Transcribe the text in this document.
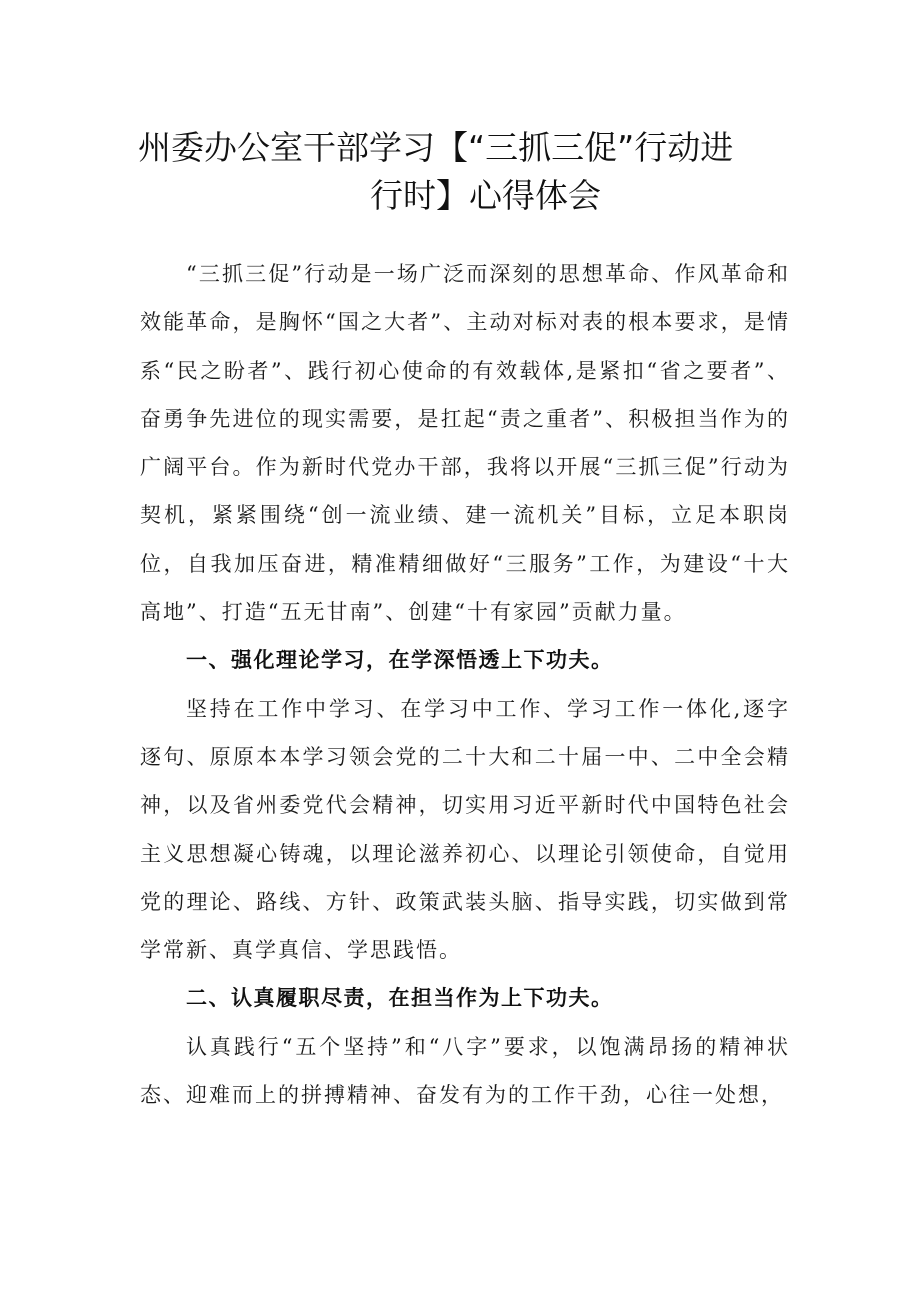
州委办公室干部学习【“三抓三促”行动进
行时】心得体会

“三抓三促”行动是一场广泛而深刻的思想革命、作风革命和效能革命，是胸怀“国之大者”、主动对标对表的根本要求，是情系“民之盼者”、践行初心使命的有效载体,是紧扣“省之要者”、奋勇争先进位的现实需要，是扛起“责之重者”、积极担当作为的广阔平台。作为新时代党办干部，我将以开展“三抓三促”行动为契机，紧紧围绕“创一流业绩、建一流机关”目标，立足本职岗位，自我加压奋进，精准精细做好“三服务”工作，为建设“十大高地”、打造“五无甘南”、创建“十有家园”贡献力量。

一、强化理论学习，在学深悟透上下功夫。

坚持在工作中学习、在学习中工作、学习工作一体化,逐字逐句、原原本本学习领会党的二十大和二十届一中、二中全会精神，以及省州委党代会精神，切实用习近平新时代中国特色社会主义思想凝心铸魂，以理论滋养初心、以理论引领使命，自觉用党的理论、路线、方针、政策武装头脑、指导实践，切实做到常学常新、真学真信、学思践悟。

二、认真履职尽责，在担当作为上下功夫。

认真践行“五个坚持”和“八字”要求，以饱满昂扬的精神状态、迎难而上的拼搏精神、奋发有为的工作干劲，心往一处想，
